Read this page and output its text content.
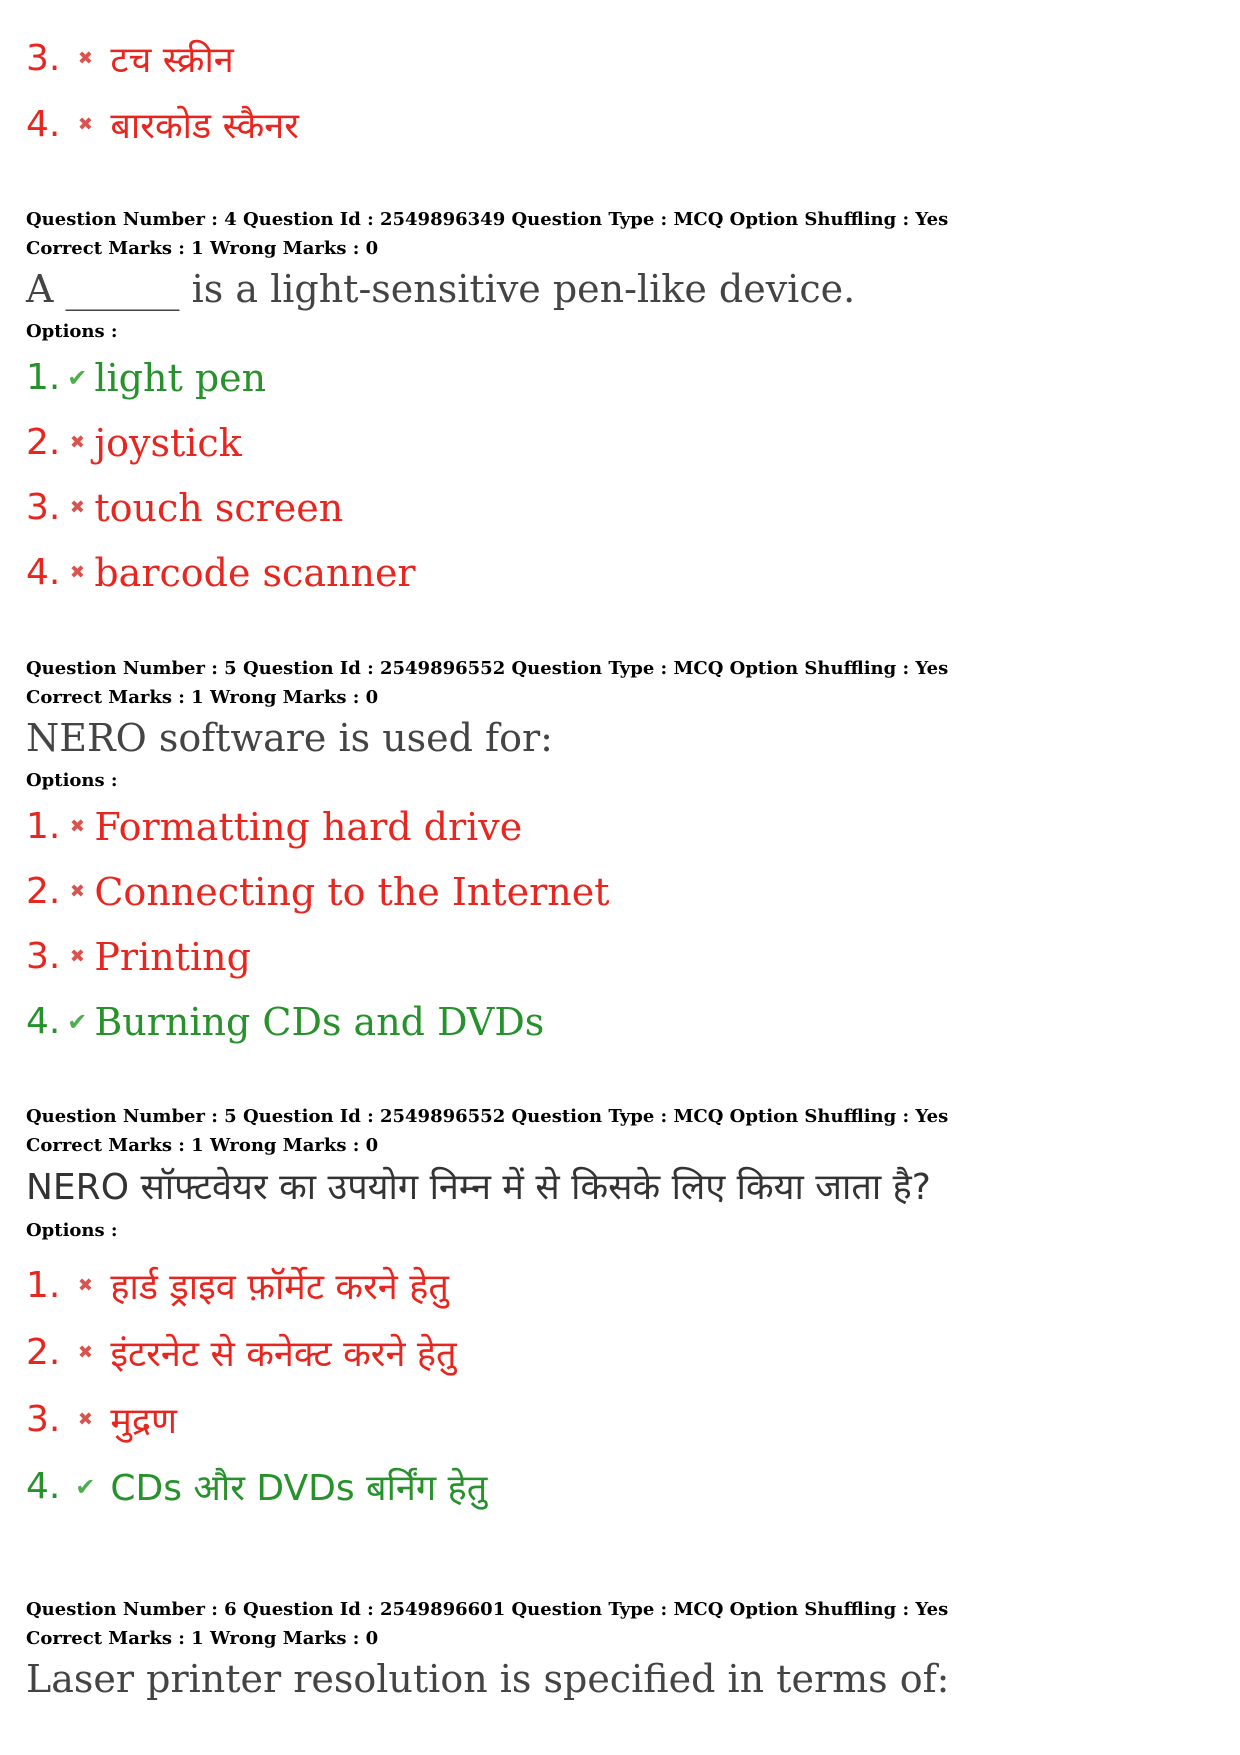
3. ✖ टच स्क्रीन
4. ✖ बारकोड स्कैनर
Question Number : 4 Question Id : 2549896349 Question Type : MCQ Option Shuffling : Yes
Correct Marks : 1 Wrong Marks : 0
A ______ is a light-sensitive pen-like device.
Options :
1. ✔ light pen
2. ✖ joystick
3. ✖ touch screen
4. ✖ barcode scanner
Question Number : 5 Question Id : 2549896552 Question Type : MCQ Option Shuffling : Yes
Correct Marks : 1 Wrong Marks : 0
NERO software is used for:
Options :
1. ✖ Formatting hard drive
2. ✖ Connecting to the Internet
3. ✖ Printing
4. ✔ Burning CDs and DVDs
Question Number : 5 Question Id : 2549896552 Question Type : MCQ Option Shuffling : Yes
Correct Marks : 1 Wrong Marks : 0
NERO सॉफ्टवेयर का उपयोग निम्न में से किसके लिए किया जाता है?
Options :
1. ✖ हार्ड ड्राइव फ़ॉर्मेट करने हेतु
2. ✖ इंटरनेट से कनेक्ट करने हेतु
3. ✖ मुद्रण
4. ✔ CDs और DVDs बर्निंग हेतु
Question Number : 6 Question Id : 2549896601 Question Type : MCQ Option Shuffling : Yes
Correct Marks : 1 Wrong Marks : 0
Laser printer resolution is specified in terms of:
